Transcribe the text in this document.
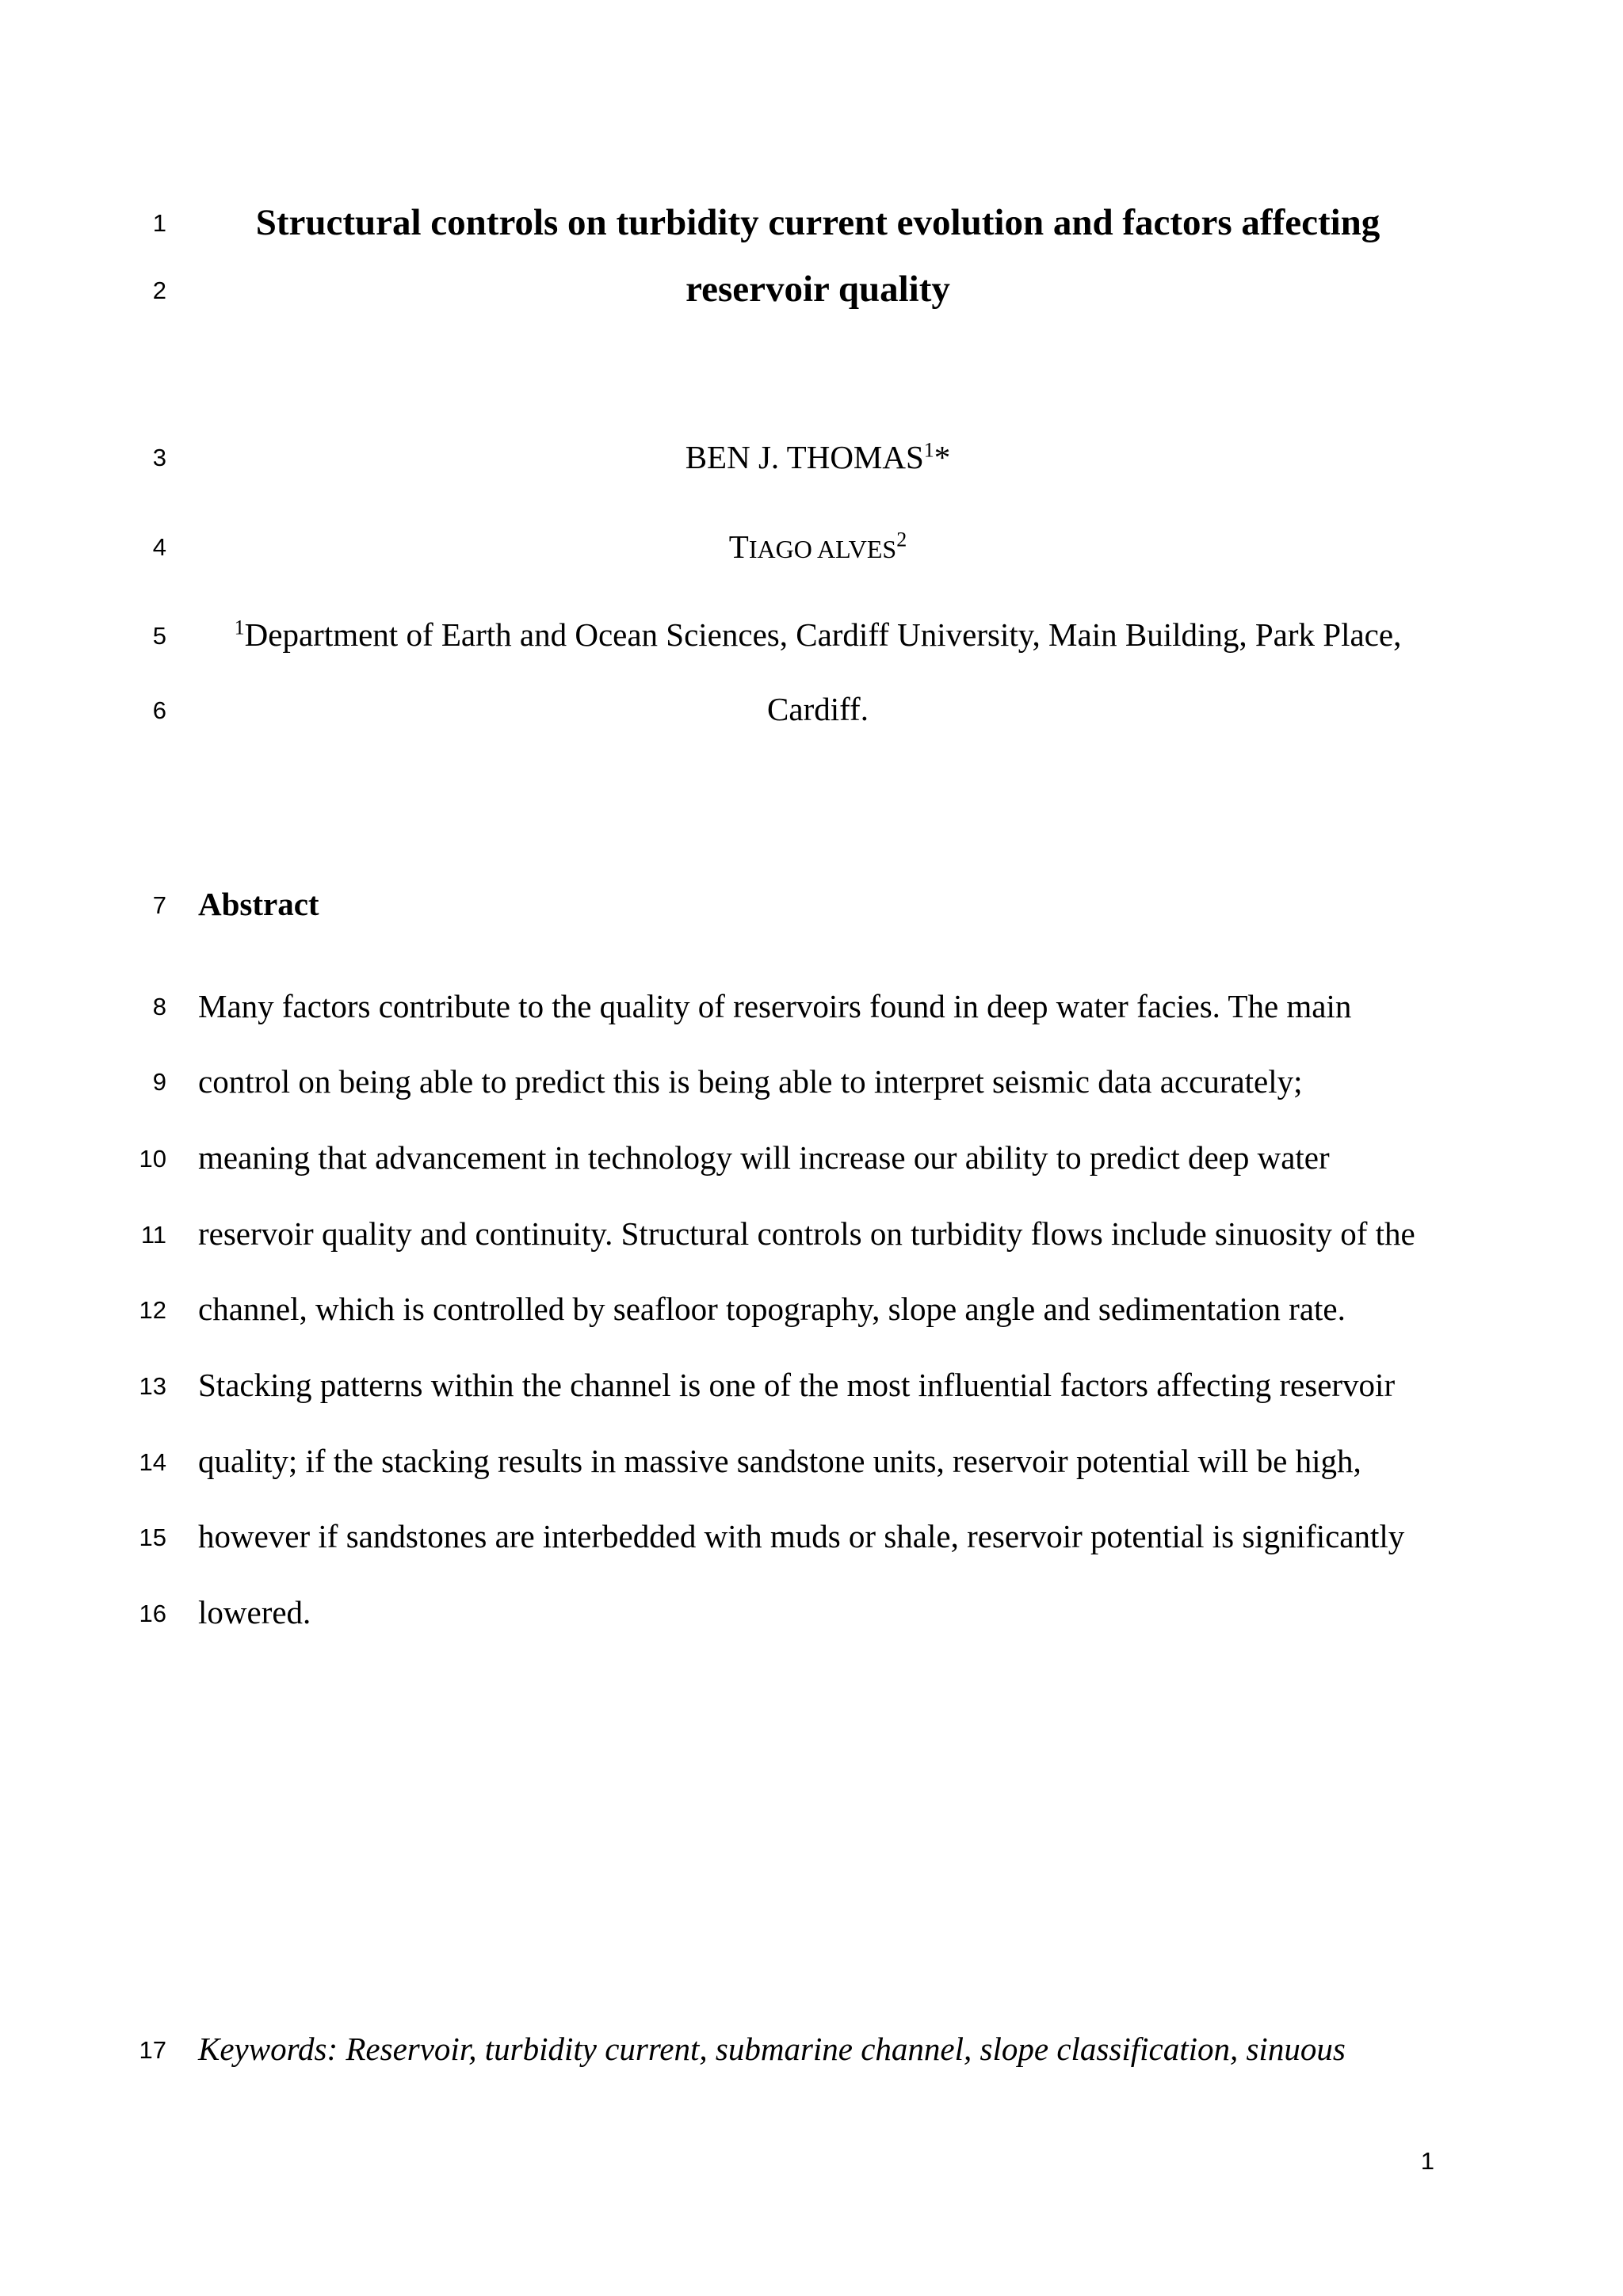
1
2
3
4
5
6
7
8
9
10
11
12
13
14
15
16
17
Structural controls on turbidity current evolution and factors affecting
reservoir quality
BEN J. THOMAS$^1$*
TIAGO ALVES$^2$
$^1$Department of Earth and Ocean Sciences, Cardiff University, Main Building, Park Place,
Cardiff.
Abstract
Many factors contribute to the quality of reservoirs found in deep water facies. The main
control on being able to predict this is being able to interpret seismic data accurately;
meaning that advancement in technology will increase our ability to predict deep water
reservoir quality and continuity. Structural controls on turbidity flows include sinuosity of the
channel, which is controlled by seafloor topography, slope angle and sedimentation rate.
Stacking patterns within the channel is one of the most influential factors affecting reservoir
quality; if the stacking results in massive sandstone units, reservoir potential will be high,
however if sandstones are interbedded with muds or shale, reservoir potential is significantly
lowered.
Keywords: Reservoir, turbidity current, submarine channel, slope classification, sinuous
1
